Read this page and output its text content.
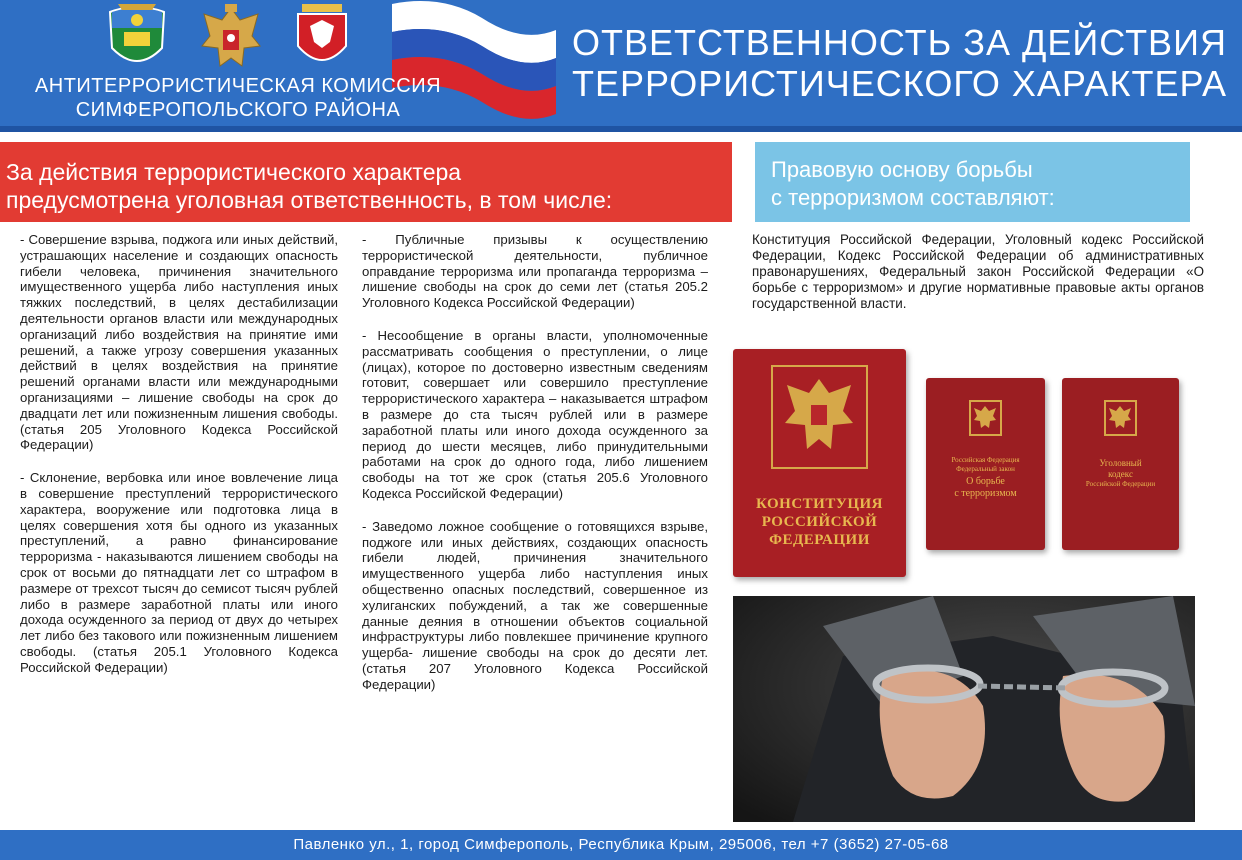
АНТИТЕРРОРИСТИЧЕСКАЯ КОМИССИЯ
СИМФЕРОПОЛЬСКОГО РАЙОНА
ОТВЕТСТВЕННОСТЬ ЗА ДЕЙСТВИЯ
ТЕРРОРИСТИЧЕСКОГО ХАРАКТЕРА
За действия террористического характера
предусмотрена уголовная ответственность, в том числе:
Правовую основу борьбы
с терроризмом составляют:

- Совершение взрыва, поджога или иных действий, устрашающих население и создающих опасность гибели человека, причинения значительного имущественного ущерба либо наступления иных тяжких последствий, в целях дестабилизации деятельности органов власти или международных организаций либо воздействия на принятие ими решений, а также угрозу совершения указанных действий в целях воздействия на принятие решений органами власти или международными организациями – лишение свободы на срок до двадцати лет или пожизненным лишения свободы. (статья 205 Уголовного Кодекса Российской Федерации)

- Склонение, вербовка или иное вовлечение лица в совершение преступлений террористического характера, вооружение или подготовка лица в целях совершения хотя бы одного из указанных преступлений, а равно финансирование терроризма - наказываются лишением свободы на срок от восьми до пятнадцати лет со штрафом в размере от трехсот тысяч до семисот тысяч рублей либо в размере заработной платы или иного дохода осужденного за период от двух до четырех лет либо без такового или пожизненным лишением свободы. (статья 205.1 Уголовного Кодекса Российской Федерации)

- Публичные призывы к осуществлению террористической деятельности, публичное оправдание терроризма или пропаганда терроризма – лишение свободы на срок до семи лет (статья 205.2 Уголовного Кодекса Российской Федерации)

- Несообщение в органы власти, уполномоченные рассматривать сообщения о преступлении, о лице (лицах), которое по достоверно известным сведениям готовит, совершает или совершило преступление террористического характера – наказывается штрафом в размере до ста тысяч рублей или в размере заработной платы или иного дохода осужденного за период до шести месяцев, либо принудительными работами на срок до одного года, либо лишением свободы на тот же срок (статья 205.6 Уголовного Кодекса Российской Федерации)

- Заведомо ложное сообщение о готовящихся взрыве, поджоге или иных действиях, создающих опасность гибели людей, причинения значительного имущественного ущерба либо наступления иных общественно опасных последствий, совершенное из хулиганских побуждений, а так же совершенные данные деяния в отношении объектов социальной инфраструктуры либо повлекшее причинение крупного ущерба- лишение свободы на срок до десяти лет. (статья 207 Уголовного Кодекса Российской Федерации)

Конституция Российской Федерации, Уголовный кодекс Российской Федерации, Кодекс Российской Федерации об административных правонарушениях, Федеральный закон Российской Федерации «О борьбе с терроризмом» и другие нормативные правовые акты органов государственной власти.
КОНСТИТУЦИЯ
РОССИЙСКОЙ
ФЕДЕРАЦИИ
Российская Федерация
Федеральный закон
О борьбе
с терроризмом
Уголовный
кодекс
Российской Федерации
Павленко ул., 1, город Симферополь, Республика Крым, 295006, тел +7 (3652) 27-05-68
